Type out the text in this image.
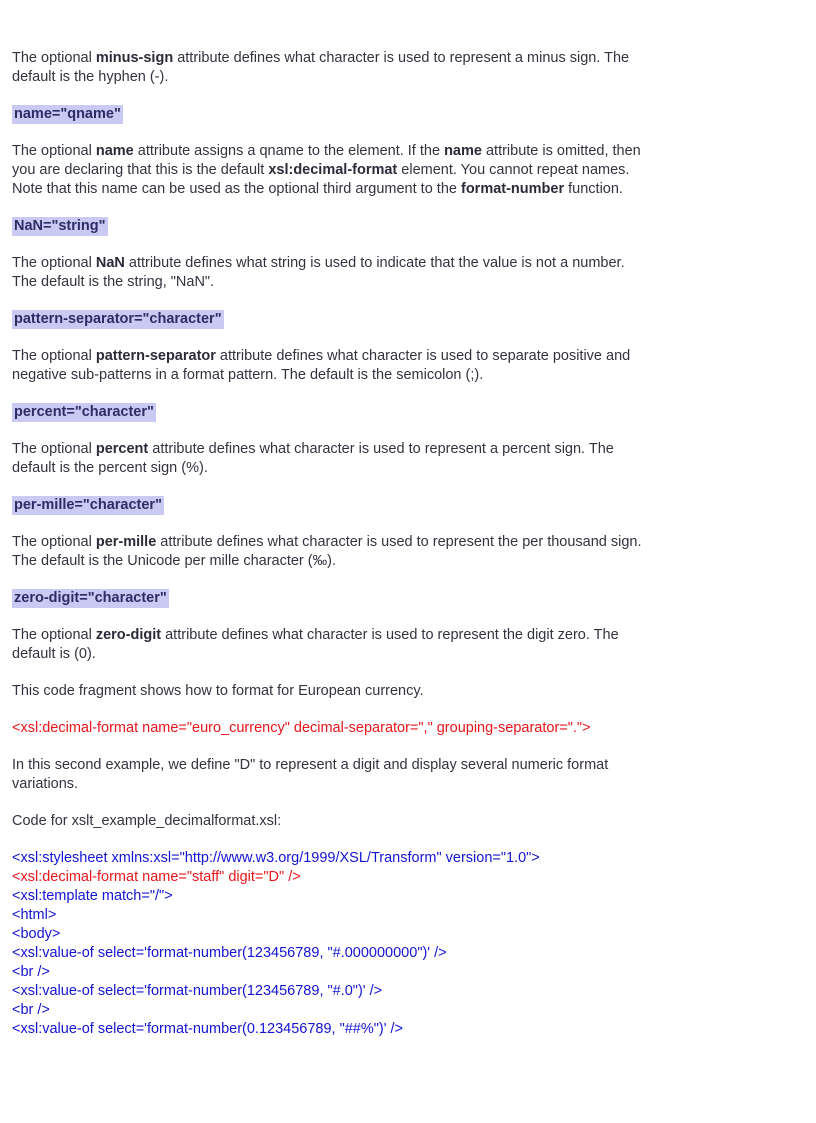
The optional minus-sign attribute defines what character is used to represent a minus sign. The default is the hyphen (-).

name="qname"

The optional name attribute assigns a qname to the element. If the name attribute is omitted, then you are declaring that this is the default xsl:decimal-format element. You cannot repeat names. Note that this name can be used as the optional third argument to the format-number function.

NaN="string"

The optional NaN attribute defines what string is used to indicate that the value is not a number. The default is the string, "NaN".

pattern-separator="character"

The optional pattern-separator attribute defines what character is used to separate positive and negative sub-patterns in a format pattern. The default is the semicolon (;).

percent="character"

The optional percent attribute defines what character is used to represent a percent sign. The default is the percent sign (%).

per-mille="character"

The optional per-mille attribute defines what character is used to represent the per thousand sign. The default is the Unicode per mille character (‰).

zero-digit="character"

The optional zero-digit attribute defines what character is used to represent the digit zero. The default is (0).

This code fragment shows how to format for European currency.

<xsl:decimal-format name="euro_currency" decimal-separator="," grouping-separator=".">

In this second example, we define "D" to represent a digit and display several numeric format variations.

Code for xslt_example_decimalformat.xsl:

<xsl:stylesheet xmlns:xsl="http://www.w3.org/1999/XSL/Transform" version="1.0">
<xsl:decimal-format name="staff" digit="D" />
<xsl:template match="/">
<html>
<body>
<xsl:value-of select='format-number(123456789, "#.000000000")' />
<br />
<xsl:value-of select='format-number(123456789, "#.0")' />
<br />
<xsl:value-of select='format-number(0.123456789, "##%")' />
